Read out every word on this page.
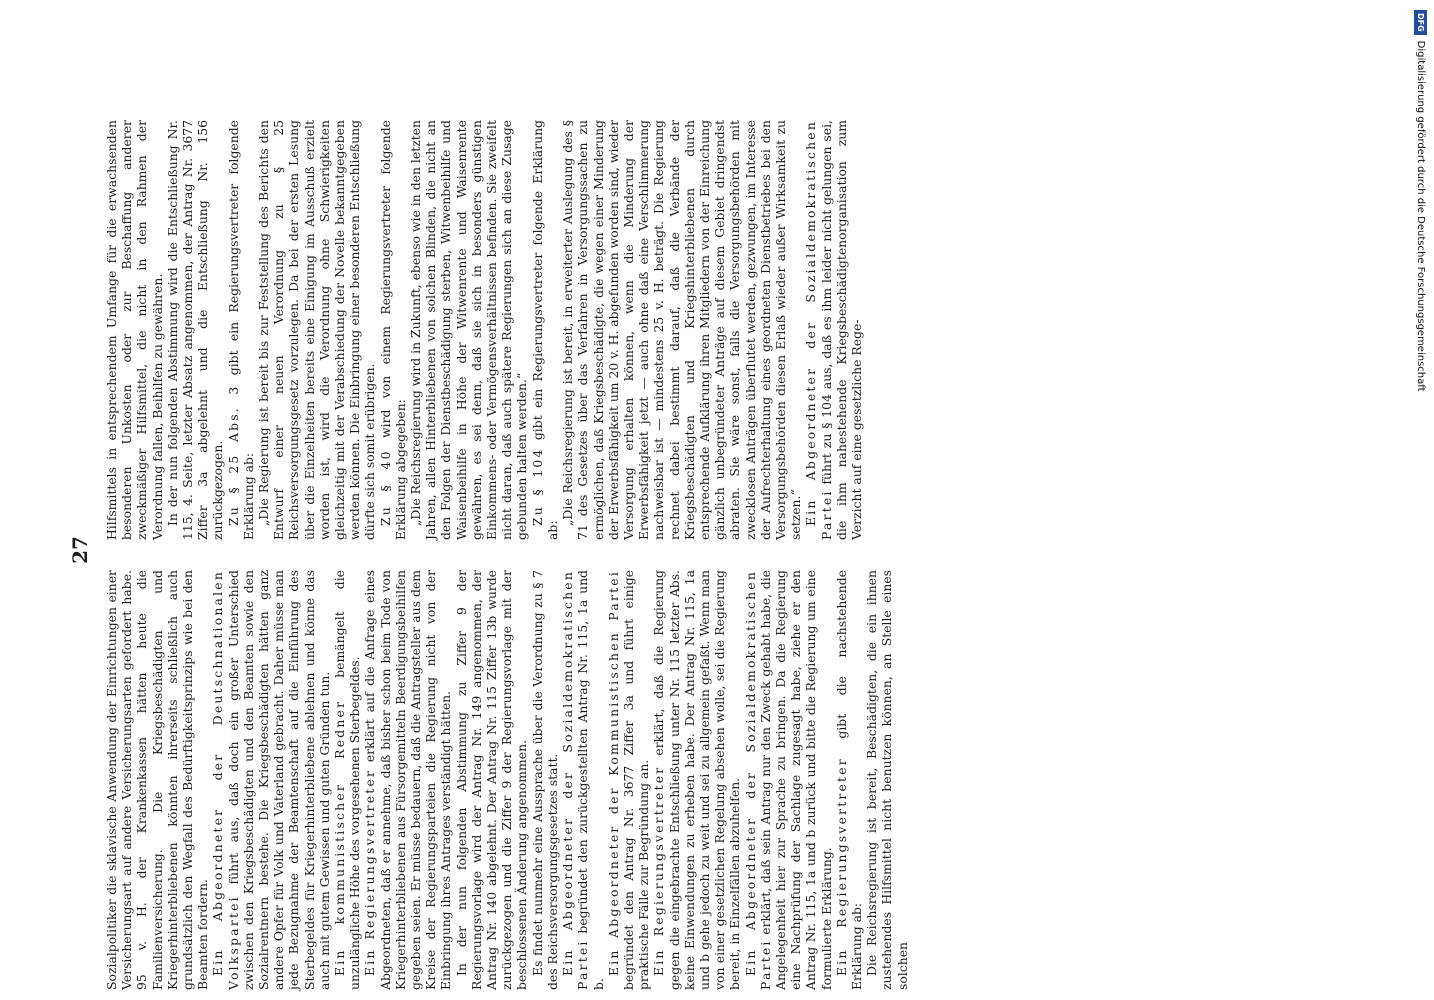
27

Sozialpolitiker die sklavische Anwendung der Einrichtungen einer Versicherungsart auf andere Versicherungsarten gefordert habe. 95 v. H. der Krankenkassen hätten heute die Familienversicherung. Die Kriegsbeschädigten und Kriegerhinterbliebenen könnten ihrerseits schließlich auch grundsätzlich den Wegfall des Bedürftigkeitsprinzips wie bei den Beamten fordern. Ein Abgeordneter der Deutschnationalen Volkspartei führt aus, daß doch ein großer Unterschied zwischen den Kriegsbeschädigten und den Beamten sowie den Sozialrentnern bestehe. Die Kriegsbeschädigten hätten ganz andere Opfer für Volk und Vaterland gebracht. Daher müsse man jede Bezugnahme der Beamtenschaft auf die Einführung des Sterbegeldes für Kriegerhinterbliebene ablehnen und könne das auch mit gutem Gewissen und guten Gründen tun. Ein kommunistischer Redner bemängelt die unzulängliche Höhe des vorgesehenen Sterbegeldes. Ein Regierungsvertreter erklärt auf die Anfrage eines Abgeordneten, daß er annehme, daß bisher schon beim Tode von Kriegerhinterbliebenen aus Fürsorgemitteln Beerdigungsbeihilfen gegeben seien. Er müsse bedauern, daß die Antragsteller aus dem Kreise der Regierungsparteien die Regierung nicht von der Einbringung ihres Antrages verständigt hätten. In der nun folgenden Abstimmung zu Ziffer 9 der Regierungsvorlage wird der Antrag Nr. 149 angenommen, der Antrag Nr. 140 abgelehnt. Der Antrag Nr. 115 Ziffer 13b wurde zurückgezogen und die Ziffer 9 der Regierungsvorlage mit der beschlossenen Änderung angenommen. Es findet nunmehr eine Aussprache über die Verordnung zu § 7 des Reichsversorgungsgesetzes statt. Ein Abgeordneter der Sozialdemokratischen Partei begründet den zurückgestellten Antrag Nr. 115, 1a und b.

Ein Abgeordneter der Kommunistischen Partei begründet den Antrag Nr. 3677 Ziffer 3a und führt einige praktische Fälle zur Begründung an. Ein Regierungsvertreter erklärt, daß die Regierung gegen die eingebrachte Entschließung unter Nr. 115 letzter Abs. keine Einwendungen zu erheben habe. Der Antrag Nr. 115, 1a und b gehe jedoch zu weit und sei zu allgemein gefaßt. Wenn man von einer gesetzlichen Regelung absehen wolle, sei die Regierung bereit, in Einzelfällen abzuhelfen. Ein Abgeordneter der Sozialdemokratischen Partei erklärt, daß sein Antrag nur den Zweck gehabt habe, die Angelegenheit hier zur Sprache zu bringen. Da die Regierung eine Nachprüfung der Sachlage zugesagt habe, ziehe er den Antrag Nr. 115, 1a und b zurück und bitte die Regierung um eine formulierte Erklärung. Ein Regierungsvertreter gibt die nachstehende Erklärung ab: Die Reichsregierung ist bereit, Beschädigten, die ein ihnen zustehendes Hilfsmittel nicht benutzen können, an Stelle eines solchen

Hilfsmittels in entsprechendem Umfange für die erwachsenden besonderen Unkosten oder zur Beschaffung anderer zweckmäßiger Hilfsmittel, die nicht in den Rahmen der Verordnung fallen, Beihilfen zu gewähren. In der nun folgenden Abstimmung wird die Entschließung Nr. 115, 4. Seite, letzter Absatz angenommen, der Antrag Nr. 3677 Ziffer 3a abgelehnt und die Entschließung Nr. 156 zurückgezogen. Zu § 25 Abs. 3 gibt ein Regierungsvertreter folgende Erklärung ab: „Die Regierung ist bereit bis zur Feststellung des Berichts den Entwurf einer neuen Verordnung zu § 25 Reichsversorgungsgesetz vorzulegen. Da bei der ersten Lesung über die Einzelheiten bereits eine Einigung im Ausschuß erzielt worden ist, wird die Verordnung ohne Schwierigkeiten gleichzeitig mit der Verabschiedung der Novelle bekanntgegeben werden können. Die Einbringung einer besonderen Entschließung dürfte sich somit erübrigen. Zu § 40 wird von einem Regierungsvertreter folgende Erklärung abgegeben: „Die Reichsregierung wird in Zukunft, ebenso wie in den letzten Jahren, allen Hinterbliebenen von solchen Blinden, die nicht an den Folgen der Dienstbeschädigung sterben, Witwenbeihilfe und Waisenbeihilfe in Höhe der Witwenrente und Waisenrente gewähren, es sei denn, daß sie sich in besonders günstigen Einkommens- oder Vermögensverhältnissen befinden. Sie zweifelt nicht daran, daß auch spätere Regierungen sich an diese Zusage gebunden halten werden.“ Zu § 104 gibt ein Regierungsvertreter folgende Erklärung ab:

„Die Reichsregierung ist bereit, in erweiterter Auslegung des § 71 des Gesetzes über das Verfahren in Versorgungssachen zu ermöglichen, daß Kriegsbeschädigte, die wegen einer Minderung der Erwerbsfähigkeit um 20 v. H. abgefunden worden sind, wieder Versorgung erhalten können, wenn die Minderung der Erwerbsfähigkeit jetzt — auch ohne daß eine Verschlimmerung nachweisbar ist — mindestens 25 v. H. beträgt. Die Regierung rechnet dabei bestimmt darauf, daß die Verbände der Kriegsbeschädigten und Kriegshinterbliebenen durch entsprechende Aufklärung ihren Mitgliedern von der Einreichung gänzlich unbegründeter Anträge auf diesem Gebiet dringendst abraten. Sie wäre sonst, falls die Versorgungsbehörden mit zwecklosen Anträgen überflutet werden, gezwungen, im Interesse der Aufrechterhaltung eines geordneten Dienstbetriebes bei den Versorgungsbehörden diesen Erlaß wieder außer Wirksamkeit zu setzen.“ Ein Abgeordneter der Sozialdemokratischen Partei führt zu § 104 aus, daß es ihm leider nicht gelungen sei, die ihm nahestehende Kriegsbeschädigtenorganisation zum Verzicht auf eine gesetzliche Rege-

DFGDigitalisierung gefördert durch die Deutsche Forschungsgemeinschaft
